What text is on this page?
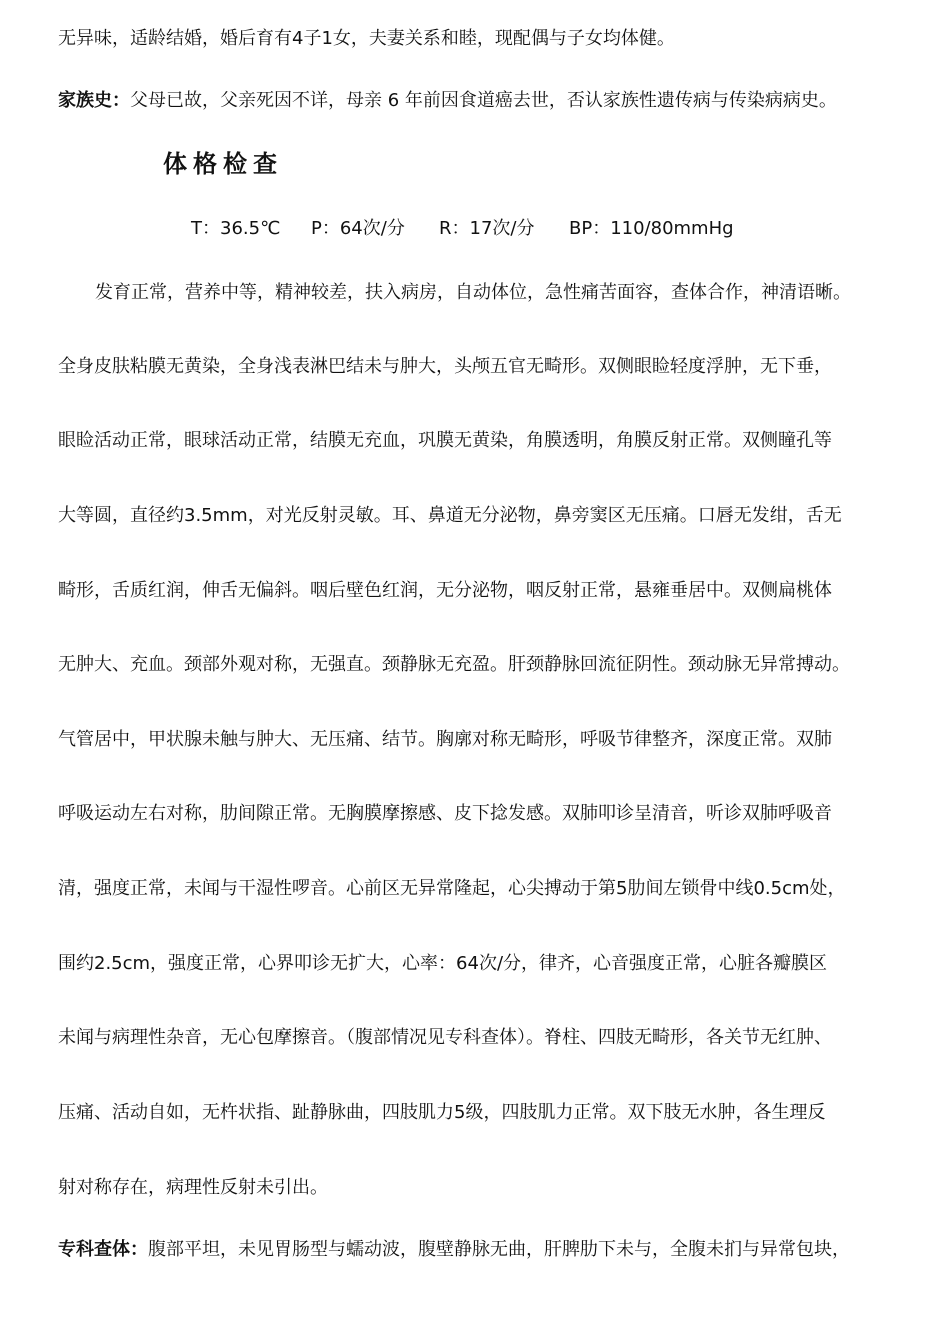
无异味，适龄结婚，婚后育有4子1女，夫妻关系和睦，现配偶与子女均体健。
家族史：父母已故，父亲死因不详，母亲 6 年前因食道癌去世，否认家族性遗传病与传染病病史。
体格检查
T：36.5℃ P：64次/分 R：17次/分 BP：110/80mmHg
发育正常，营养中等，精神较差，扶入病房，自动体位，急性痛苦面容，查体合作，神清语晰。
全身皮肤粘膜无黄染，全身浅表淋巴结未与肿大，头颅五官无畸形。双侧眼睑轻度浮肿，无下垂，
眼睑活动正常，眼球活动正常，结膜无充血，巩膜无黄染，角膜透明，角膜反射正常。双侧瞳孔等
大等圆，直径约3.5mm，对光反射灵敏。耳、鼻道无分泌物，鼻旁窦区无压痛。口唇无发绀，舌无
畸形，舌质红润，伸舌无偏斜。咽后壁色红润，无分泌物，咽反射正常，悬雍垂居中。双侧扁桃体
无肿大、充血。颈部外观对称，无强直。颈静脉无充盈。肝颈静脉回流征阴性。颈动脉无异常搏动。
气管居中，甲状腺未触与肿大、无压痛、结节。胸廓对称无畸形，呼吸节律整齐，深度正常。双肺
呼吸运动左右对称，肋间隙正常。无胸膜摩擦感、皮下捻发感。双肺叩诊呈清音，听诊双肺呼吸音
清，强度正常，未闻与干湿性啰音。心前区无异常隆起，心尖搏动于第5肋间左锁骨中线0.5cm处，
围约2.5cm，强度正常，心界叩诊无扩大，心率：64次/分，律齐，心音强度正常，心脏各瓣膜区
未闻与病理性杂音，无心包摩擦音。（腹部情况见专科查体）。脊柱、四肢无畸形，各关节无红肿、
压痛、活动自如，无杵状指、趾静脉曲，四肢肌力5级，四肢肌力正常。双下肢无水肿，各生理反
射对称存在，病理性反射未引出。
专科查体：腹部平坦，未见胃肠型与蠕动波，腹壁静脉无曲，肝脾肋下未与，全腹未扪与异常包块，
